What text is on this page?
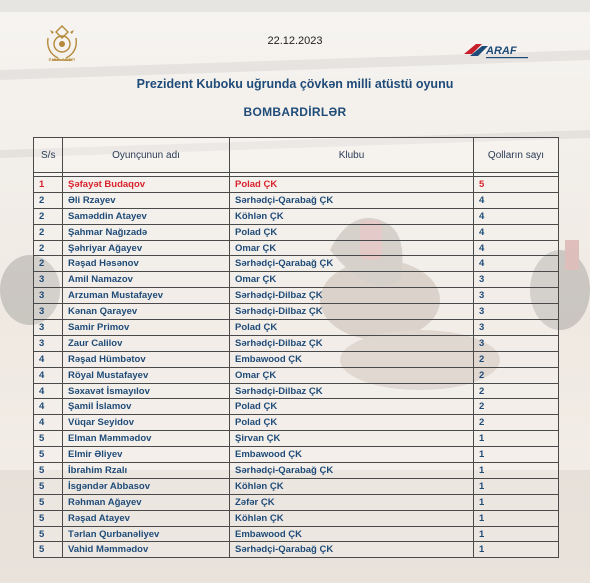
BHIR-AGDR
ARAF
22.12.2023
Prezident Kuboku uğrunda çövkən milli atüstü oyunu
BOMBARDİRLƏR
S/s	Oyunçunun adı	Klubu	Qolların sayı

1	Şəfayət Budaqov	Polad ÇK	5
2	Əli Rzayev	Sərhədçi-Qarabağ ÇK	4
2	Saməddin Atayev	Köhlən ÇK	4
2	Şahmar Nağızadə	Polad ÇK	4
2	Şəhriyar Ağayev	Omar ÇK	4
2	Rəşad Həsənov	Sərhədçi-Qarabağ ÇK	4
3	Amil Namazov	Omar ÇK	3
3	Arzuman Mustafayev	Sərhədçi-Dilbaz ÇK	3
3	Kənan Qarayev	Sərhədçi-Dilbaz ÇK	3
3	Samir Primov	Polad ÇK	3
3	Zaur Calilov	Sərhədçi-Dilbaz ÇK	3
4	Rəşad Hümbətov	Embawood ÇK	2
4	Röyal Mustafayev	Omar ÇK	2
4	Səxavət İsmayılov	Sərhədçi-Dilbaz ÇK	2
4	Şamil İslamov	Polad ÇK	2
4	Vüqar Seyidov	Polad ÇK	2
5	Elman Məmmədov	Şirvan ÇK	1
5	Elmir Əliyev	Embawood ÇK	1
5	İbrahim Rzalı	Sərhədçi-Qarabağ ÇK	1
5	İsgəndər Abbasov	Köhlən ÇK	1
5	Rəhman Ağayev	Zəfər ÇK	1
5	Rəşad Atayev	Köhlən ÇK	1
5	Tərlan Qurbanəliyev	Embawood ÇK	1
5	Vahid Məmmədov	Sərhədçi-Qarabağ ÇK	1
